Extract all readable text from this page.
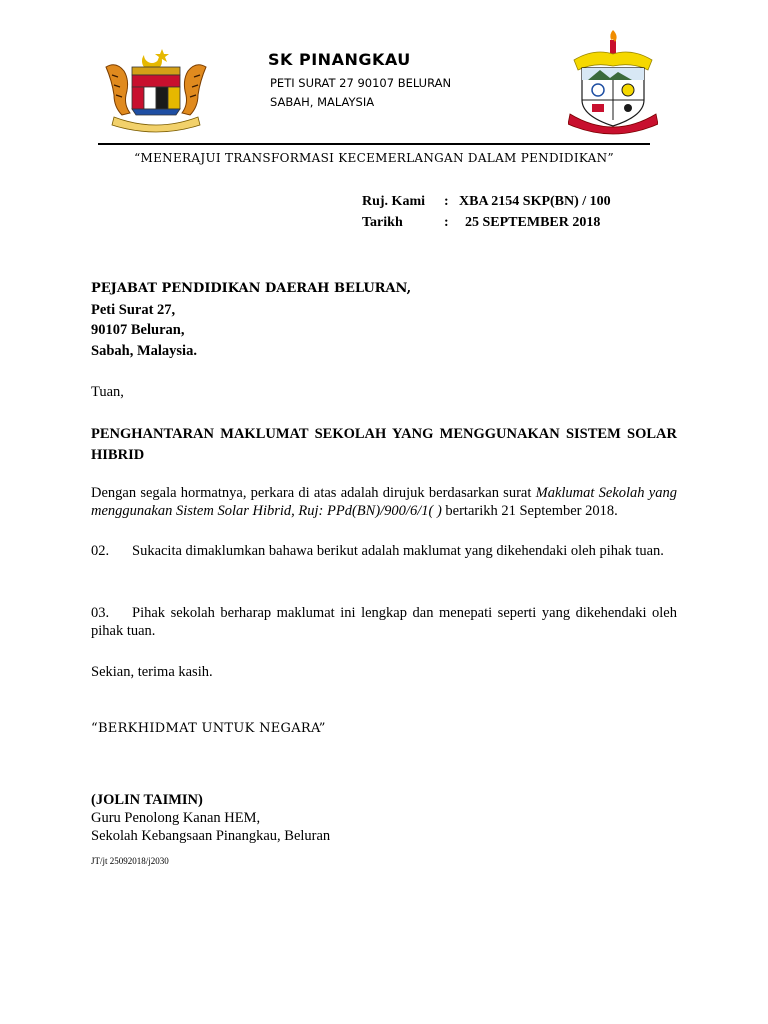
SK PINANGKAU
PETI SURAT 27 90107 BELURAN
SABAH, MALAYSIA
“MENERAJUI TRANSFORMASI KECEMERLANGAN DALAM PENDIDIKAN”
Ruj. Kami : XBA 2154 SKP(BN) / 100
Tarikh	: 25 SEPTEMBER 2018
PEJABAT PENDIDIKAN DAERAH BELURAN,
Peti Surat 27,
90107 Beluran,
Sabah, Malaysia.
Tuan,
PENGHANTARAN MAKLUMAT SEKOLAH YANG MENGGUNAKAN SISTEM SOLAR HIBRID
Dengan segala hormatnya, perkara di atas adalah dirujuk berdasarkan surat Maklumat Sekolah yang menggunakan Sistem Solar Hibrid, Ruj: PPd(BN)/900/6/1( ) bertarikh 21 September 2018.
02. Sukacita dimaklumkan bahawa berikut adalah maklumat yang dikehendaki oleh pihak tuan.
03. Pihak sekolah berharap maklumat ini lengkap dan menepati seperti yang dikehendaki oleh pihak tuan.
Sekian, terima kasih.
“BERKHIDMAT UNTUK NEGARA”
(JOLIN TAIMIN)
Guru Penolong Kanan HEM,
Sekolah Kebangsaan Pinangkau, Beluran
JT/jt 25092018/j2030
